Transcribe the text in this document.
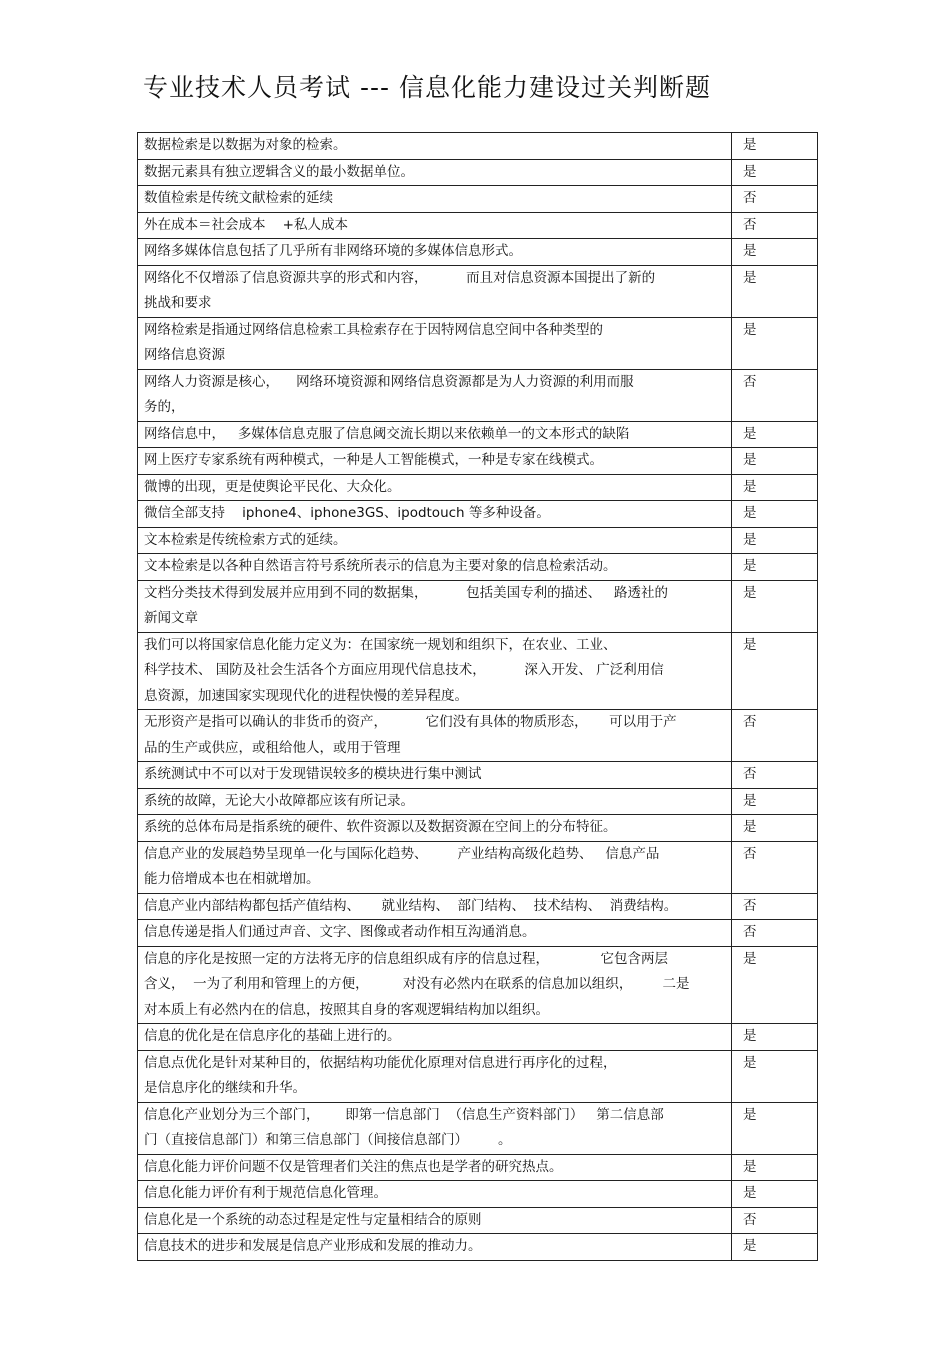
专业技术人员考试 --- 信息化能力建设过关判断题
数据检索是以数据为对象的检索。	是
数据元素具有独立逻辑含义的最小数据单位。	是
数值检索是传统文献检索的延续	否
外在成本＝社会成本    +私人成本	否
网络多媒体信息包括了几乎所有非网络环境的多媒体信息形式。	是
网络化不仅增添了信息资源共享的形式和内容，         而且对信息资源本国提出了新的
挑战和要求	是
网络检索是指通过网络信息检索工具检索存在于因特网信息空间中各种类型的
网络信息资源	是
网络人力资源是核心，    网络环境资源和网络信息资源都是为人力资源的利用而服
务的，	否
网络信息中，   多媒体信息克服了信息阈交流长期以来依赖单一的文本形式的缺陷	是
网上医疗专家系统有两种模式，一种是人工智能模式，一种是专家在线模式。	是
微博的出现，更是使舆论平民化、大众化。	是
微信全部支持    iphone4、iphone3GS、ipodtouch 等多种设备。	是
文本检索是传统检索方式的延续。	是
文本检索是以各种自然语言符号系统所表示的信息为主要对象的信息检索活动。	是
文档分类技术得到发展并应用到不同的数据集，         包括美国专利的描述、   路透社的
新闻文章	是
我们可以将国家信息化能力定义为：在国家统一规划和组织下，在农业、工业、
科学技术、 国防及社会生活各个方面应用现代信息技术，         深入开发、 广泛利用信
息资源，加速国家实现现代化的进程快慢的差异程度。	是
无形资产是指可以确认的非货币的资产，         它们没有具体的物质形态，     可以用于产
品的生产或供应，或租给他人，或用于管理	否
系统测试中不可以对于发现错误较多的模块进行集中测试	否
系统的故障，无论大小故障都应该有所记录。	是
系统的总体布局是指系统的硬件、软件资源以及数据资源在空间上的分布特征。	是
信息产业的发展趋势呈现单一化与国际化趋势、       产业结构高级化趋势、   信息产品
能力倍增成本也在相就增加。	否
信息产业内部结构都包括产值结构、     就业结构、  部门结构、  技术结构、  消费结构。	否
信息传递是指人们通过声音、文字、图像或者动作相互沟通消息。	否
信息的序化是按照一定的方法将无序的信息组织成有序的信息过程，            它包含两层
含义，  一为了利用和管理上的方便，        对没有必然内在联系的信息加以组织，       二是
对本质上有必然内在的信息，按照其自身的客观逻辑结构加以组织。	是
信息的优化是在信息序化的基础上进行的。	是
信息点优化是针对某种目的，依据结构功能优化原理对信息进行再序化的过程，
是信息序化的继续和升华。	是
信息化产业划分为三个部门，      即第一信息部门  （信息生产资料部门）   第二信息部
门（直接信息部门）和第三信息部门（间接信息部门）       。	是
信息化能力评价问题不仅是管理者们关注的焦点也是学者的研究热点。	是
信息化能力评价有利于规范信息化管理。	是
信息化是一个系统的动态过程是定性与定量相结合的原则	否
信息技术的进步和发展是信息产业形成和发展的推动力。	是
